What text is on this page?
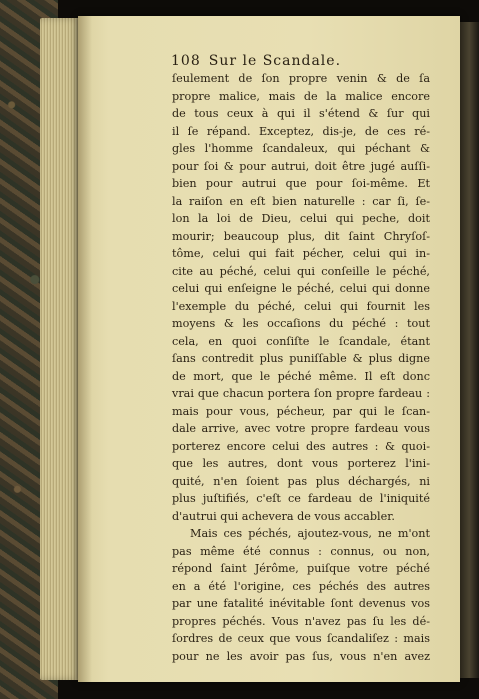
108 Sur le Scandale.
ſeulement de ſon propre venin & de ſa
propre malice, mais de la malice encore
de tous ceux à qui il s'étend & ſur qui
il ſe répand. Exceptez, dis-je, de ces ré-
gles l'homme ſcandaleux, qui péchant &
pour ſoi & pour autrui, doit être jugé auſſi-
bien pour autrui que pour ſoi-même. Et
la raiſon en eſt bien naturelle : car ſi, ſe-
lon la loi de Dieu, celui qui peche, doit
mourir; beaucoup plus, dit ſaint Chryſoſ-
tôme, celui qui fait pécher, celui qui in-
cite au péché, celui qui conſeille le péché,
celui qui enſeigne le péché, celui qui donne
l'exemple du péché, celui qui fournit les
moyens & les occaſions du péché : tout
cela, en quoi conſiſte le ſcandale, étant
ſans contredit plus puniſſable & plus digne
de mort, que le péché même. Il eſt donc
vrai que chacun portera ſon propre fardeau :
mais pour vous, pécheur, par qui le ſcan-
dale arrive, avec votre propre fardeau vous
porterez encore celui des autres : & quoi-
que les autres, dont vous porterez l'ini-
quité, n'en ſoient pas plus déchargés, ni
plus juſtifiés, c'eſt ce fardeau de l'iniquité
d'autrui qui achevera de vous accabler.
Mais ces péchés, ajoutez-vous, ne m'ont
pas même été connus : connus, ou non,
répond ſaint Jérôme, puiſque votre péché
en a été l'origine, ces péchés des autres
par une fatalité inévitable ſont devenus vos
propres péchés. Vous n'avez pas ſu les dé-
ſordres de ceux que vous ſcandaliſez : mais
pour ne les avoir pas ſus, vous n'en avez
